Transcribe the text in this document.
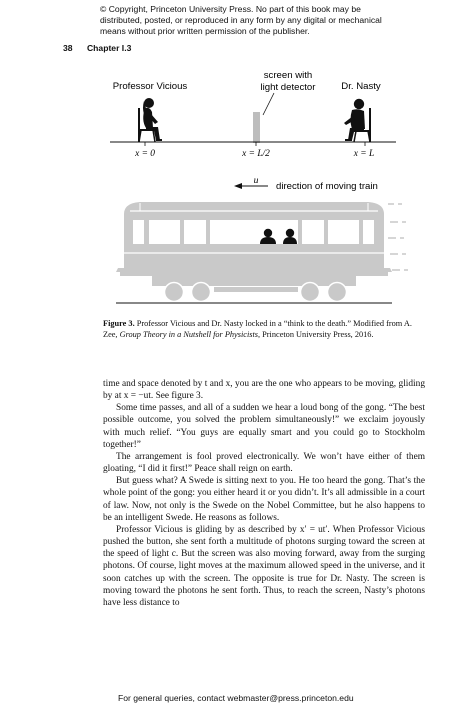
© Copyright, Princeton University Press. No part of this book may be
distributed, posted, or reproduced in any form by any digital or mechanical
means without prior written permission of the publisher.
38 Chapter I.3
Professor Vicious
screen with
light detector	Dr. Nasty
x = 0	x = L/2	x = L
u
direction of moving train
Figure 3. Professor Vicious and Dr. Nasty locked in a “think to the death.” Modified from A. Zee, Group Theory in a Nutshell for Physicists, Princeton University Press, 2016.

time and space denoted by t and x, you are the one who appears to be moving, gliding by at x = −ut. See figure 3.

Some time passes, and all of a sudden we hear a loud bong of the gong. “The best possible outcome, you solved the problem simultaneously!” we exclaim joyously with much relief. “You guys are equally smart and you could go to Stockholm together!”

The arrangement is fool proved electronically. We won’t have either of them gloating, “I did it first!” Peace shall reign on earth.

But guess what? A Swede is sitting next to you. He too heard the gong. That’s the whole point of the gong: you either heard it or you didn’t. It’s all admissible in a court of law. Now, not only is the Swede on the Nobel Committee, but he also happens to be an intelligent Swede. He reasons as follows.

Professor Vicious is gliding by as described by x′ = ut′. When Professor Vicious pushed the button, she sent forth a multitude of photons surging toward the screen at the speed of light c. But the screen was also moving forward, away from the surging photons. Of course, light moves at the maximum allowed speed in the universe, and it soon catches up with the screen. The opposite is true for Dr. Nasty. The screen is moving toward the photons he sent forth. Thus, to reach the screen, Nasty’s photons have less distance to

For general queries, contact webmaster@press.princeton.edu
